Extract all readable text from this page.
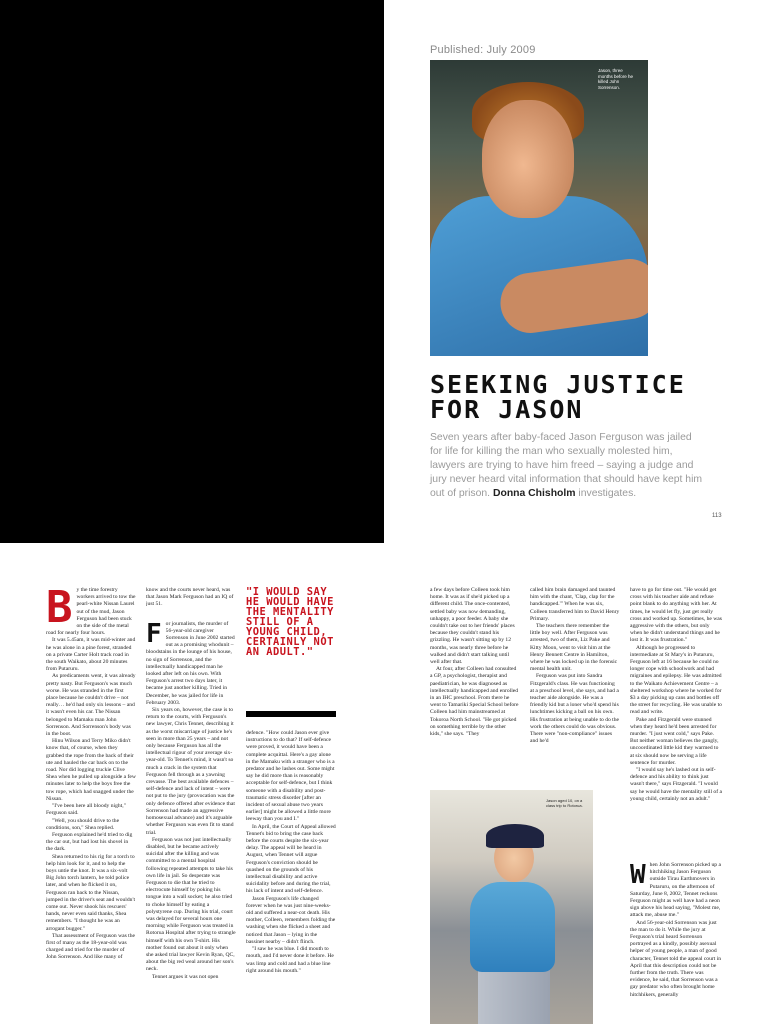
Published: July 2009
Jason, three months before he killed John Sorrenson.
SEEKING JUSTICE
FOR JASON
Seven years after baby-faced Jason Ferguson was jailed for life for killing the man who sexually molested him, lawyers are trying to have him freed – saying a judge and jury never heard vital information that should have kept him out of prison. Donna Chisholm investigates.
113
B y the time forestry workers arrived to tow the pearl-white Nissan Laurel out of the mud, Jason Ferguson had been stuck on the side of the metal road for nearly four hours.

It was 5.45am, it was mid-winter and he was alone in a pine forest, stranded on a private Carter Holt track road in the south Waikato, about 20 minutes from Putaruru.

As predicaments went, it was already pretty nasty. But Ferguson's was much worse. He was stranded in the first place because he couldn't drive – not really… he'd had only six lessons – and it wasn't even his car. The Nissan belonged to Mamaku man John Sorrenson. And Sorrenson's body was in the boot.

Hinu Wilson and Terry Miko didn't know that, of course, when they grabbed the rope from the back of their ute and hauled the car back on to the road. Nor did logging truckie Clive Shea when he pulled up alongside a few minutes later to help the boys free the tow rope, which had snagged under the Nissan.

"I've been here all bloody night," Ferguson said.

"Well, you should drive to the conditions, son," Shea replied.

Ferguson explained he'd tried to dig the car out, but had lost his shovel in the dark.

Shea returned to his rig for a torch to help him look for it, and to help the boys untie the knot. It was a six-volt Big John torch lantern, he told police later, and when he flicked it on, Ferguson ran back to the Nissan, jumped in the driver's seat and wouldn't come out. Never shook his rescuers' hands, never even said thanks, Shea remembers. "I thought he was an arrogant bugger."

That assessment of Ferguson was the first of many as the 18-year-old was charged and tried for the murder of John Sorrenson. And like many of

know and the courts never heard, was that Jason Mark Ferguson had an IQ of just 51.

F or journalists, the murder of 56-year-old caregiver Sorrenson in June 2002 started out as a promising whodunit – bloodstains in the lounge of his house, no sign of Sorrenson, and the intellectually handicapped man he looked after left on his own. With Ferguson's arrest two days later, it became just another killing. Tried in December, he was jailed for life in February 2003.

Six years on, however, the case is to return to the courts, with Ferguson's new lawyer, Chris Tennet, describing it as the worst miscarriage of justice he's seen in more than 25 years – and not only because Ferguson has all the intellectual rigour of your average six-year-old. To Tennet's mind, it wasn't so much a crack in the system that Ferguson fell through as a yawning crevasse. The best available defences – self-defence and lack of intent – were not put to the jury (provocation was the only defence offered after evidence that Sorrenson had made an aggressive homosexual advance) and it's arguable whether Ferguson was even fit to stand trial.

Ferguson was not just intellectually disabled, but he became actively suicidal after the killing and was committed to a mental hospital following repeated attempts to take his own life in jail. So desperate was Ferguson to die that he tried to electrocute himself by poking his tongue into a wall socket; he also tried to choke himself by eating a polystyrene cup. During his trial, court was delayed for several hours one morning while Ferguson was treated in Rotorua Hospital after trying to strangle himself with his own T-shirt. His mother found out about it only when she asked trial lawyer Kevin Ryan, QC, about the big red weal around her son's neck.

Tennet argues it was not open

"I WOULD SAY HE WOULD HAVE THE MENTALITY STILL OF A YOUNG CHILD, CERTAINLY NOT AN ADULT."

defence. "How could Jason ever give instructions to do that? If self-defence were proved, it would have been a complete acquittal. Here's a gay alone in the Mamaku with a stranger who is a predator and he lashes out. Some might say he did more than is reasonably acceptable for self-defence, but I think someone with a disability and post-traumatic stress disorder [after an incident of sexual abuse two years earlier] might be allowed a little more leeway than you and I."

In April, the Court of Appeal allowed Tennet's bid to bring the case back before the courts despite the six-year delay. The appeal will be heard in August, when Tennet will argue Ferguson's conviction should be quashed on the grounds of his intellectual disability and active suicidality before and during the trial, his lack of intent and self-defence.

Jason Ferguson's life changed forever when he was just nine-weeks-old and suffered a near-cot death. His mother, Colleen, remembers folding the washing when she flicked a sheet and noticed that Jason – lying in the bassinet nearby – didn't flinch.

"I saw he was blue. I did mouth to mouth, and I'd never done it before. He was limp and cold and had a blue line right around his mouth."

a few days before Colleen took him home. It was as if she'd picked up a different child. The once-contented, settled baby was now demanding, unhappy, a poor feeder. A baby she couldn't take out to her friends' places because they couldn't stand his grizzling. He wasn't sitting up by 12 months, was nearly three before he walked and didn't start talking until well after that.

At four, after Colleen had consulted a GP, a psychologist, therapist and paediatrician, he was diagnosed as intellectually handicapped and enrolled in an IHC preschool. From there he went to Tamariki Special School before Colleen had him mainstreamed at Tokoroa North School. "He got picked on something terrible by the other kids," she says. "They

called him brain damaged and taunted him with the chant, 'Clap, clap for the handicapped.'" When he was six, Colleen transferred him to David Henry Primary.

The teachers there remember the little boy well. After Ferguson was arrested, two of them, Liz Pake and Kitty Moon, went to visit him at the Henry Bennett Centre in Hamilton, where he was locked up in the forensic mental health unit.

Ferguson was put into Sandra Fitzgerald's class. He was functioning at a preschool level, she says, and had a teacher aide alongside. He was a friendly kid but a loner who'd spend his lunchtimes kicking a ball on his own. His frustration at being unable to do the work the others could do was obvious. There were "non-compliance" issues and he'd

have to go for time out. "He would get cross with his teacher aide and refuse point blank to do anything with her. At times, he would let fly, just get really cross and worked up. Sometimes, he was aggressive with the others, but only when he didn't understand things and he lost it. It was frustration."

Although he progressed to intermediate at St Mary's in Putaruru, Ferguson left at 16 because he could no longer cope with schoolwork and had migraines and epilepsy. He was admitted to the Waikato Achievement Centre – a sheltered workshop where he worked for $3 a day picking up cans and bottles off the street for recycling. He was unable to read and write.

Pake and Fitzgerald were stunned when they heard he'd been arrested for murder. "I just went cold," says Pake. But neither woman believes the gangly, uncoordinated little kid they warmed to at six should now be serving a life sentence for murder.

"I would say he's lashed out in self-defence and his ability to think just wasn't there," says Fitzgerald. "I would say he would have the mentality still of a young child, certainly not an adult."

W hen John Sorrenson picked up a hitchhiking Jason Ferguson outside Tirau Earthmovers in Putaruru, on the afternoon of Saturday, June 8, 2002, Tennet reckons Ferguson might as well have had a neon sign above his head saying, "Molest me, attack me, abuse me."

And 56-year-old Sorrenson was just the man to do it. While the jury at Ferguson's trial heard Sorrenson portrayed as a kindly, possibly asexual helper of young people, a man of good character, Tennet told the appeal court in April that this description could not be further from the truth. There was evidence, he said, that Sorrenson was a gay predator who often brought home hitchhikers, generally

Jason aged 10, on a class trip to Rotorua.
